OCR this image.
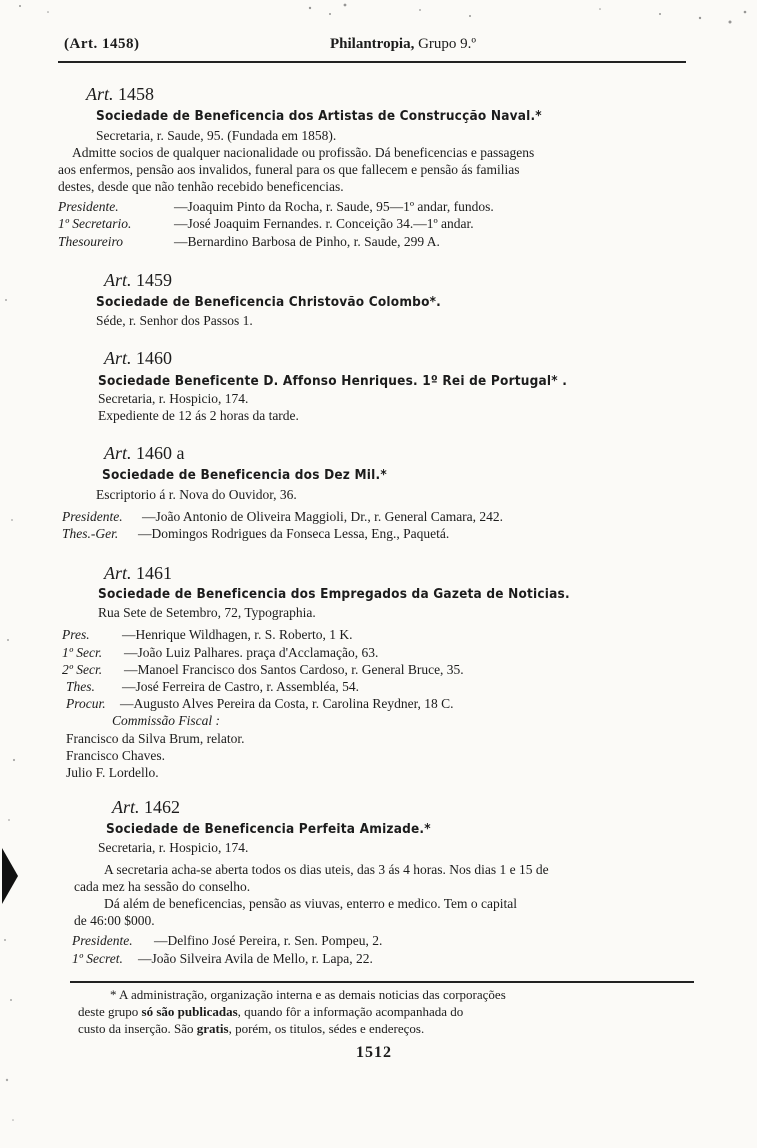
(Art. 1458)	Philantropia, Grupo 9.º
Art. 1458
Sociedade de Beneficencia dos Artistas de Construcção Naval.*
Secretaria, r. Saude, 95. (Fundada em 1858).
Admitte socios de qualquer nacionalidade ou profissão. Dá beneficencias e passagens
aos enfermos, pensão aos invalidos, funeral para os que fallecem e pensão ás familias
destes, desde que não tenhão recebido beneficencias.
Presidente.	—Joaquim Pinto da Rocha, r. Saude, 95—1º andar, fundos.
1º Secretario.	—José Joaquim Fernandes. r. Conceição 34.—1º andar.
Thesoureiro	—Bernardino Barbosa de Pinho, r. Saude, 299 A.
Art. 1459
Sociedade de Beneficencia Christovão Colombo*.
Séde, r. Senhor dos Passos 1.
Art. 1460
Sociedade Beneficente D. Affonso Henriques. 1º Rei de Portugal* .
Secretaria, r. Hospicio, 174.
Expediente de 12 ás 2 horas da tarde.
Art. 1460 a
Sociedade de Beneficencia dos Dez Mil.*
Escriptorio á r. Nova do Ouvidor, 36.
Presidente. —João Antonio de Oliveira Maggioli, Dr., r. General Camara, 242.
Thes.-Ger. —Domingos Rodrigues da Fonseca Lessa, Eng., Paquetá.
Art. 1461
Sociedade de Beneficencia dos Empregados da Gazeta de Noticias.
Rua Sete de Setembro, 72, Typographia.
Pres. —Henrique Wildhagen, r. S. Roberto, 1 K.
1º Secr. —João Luiz Palhares. praça d'Acclamação, 63.
2º Secr. —Manoel Francisco dos Santos Cardoso, r. General Bruce, 35.
Thes. —José Ferreira de Castro, r. Assembléa, 54.
Procur. —Augusto Alves Pereira da Costa, r. Carolina Reydner, 18 C.
Commissão Fiscal :
Francisco da Silva Brum, relator.
Francisco Chaves.
Julio F. Lordello.
Art. 1462
Sociedade de Beneficencia Perfeita Amizade.*
Secretaria, r. Hospicio, 174.
A secretaria acha-se aberta todos os dias uteis, das 3 ás 4 horas. Nos dias 1 e 15 de
cada mez ha sessão do conselho.
Dá além de beneficencias, pensão as viuvas, enterro e medico. Tem o capital
de 46:00 $000.
Presidente. —Delfino José Pereira, r. Sen. Pompeu, 2.
1º Secret. —João Silveira Avila de Mello, r. Lapa, 22.
* A administração, organização interna e as demais noticias das corporações
deste grupo só são publicadas, quando fôr a informação acompanhada do
custo da inserção. São gratis, porém, os titulos, sédes e endereços.
1512
